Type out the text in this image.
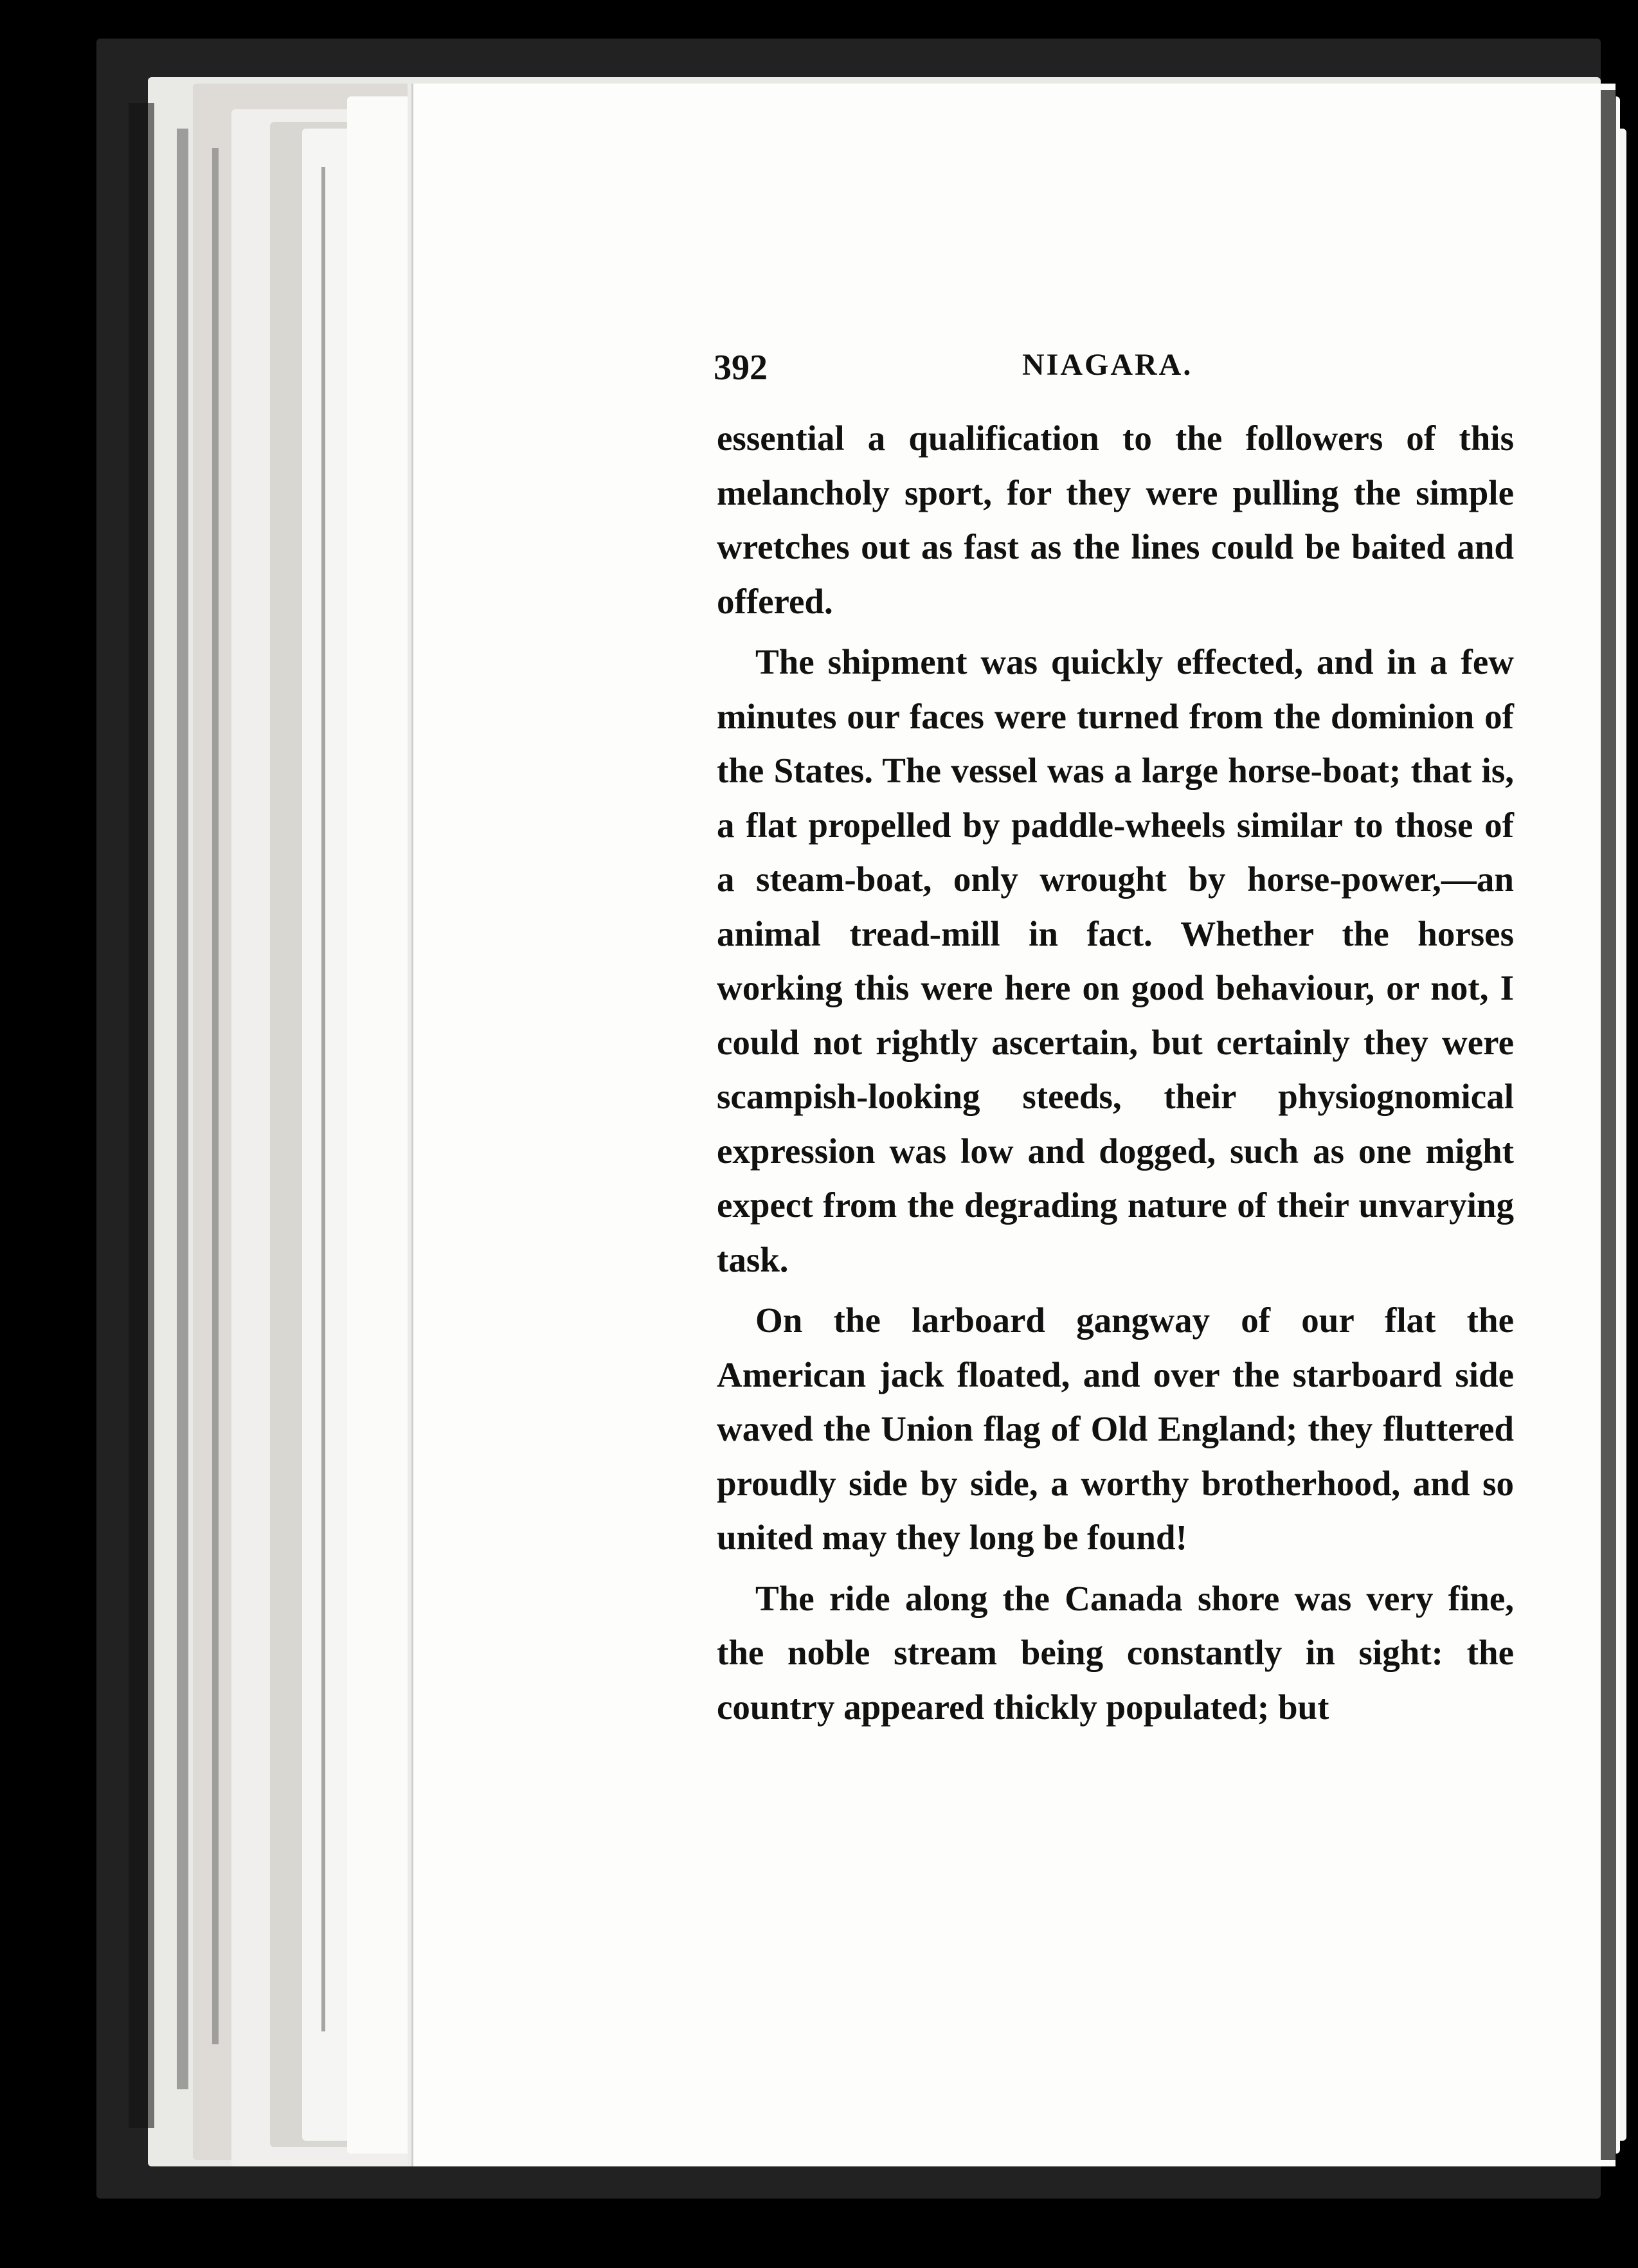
392	NIAGARA.

essential a qualification to the followers of this melancholy sport, for they were pulling the simple wretches out as fast as the lines could be baited and offered.

The shipment was quickly effected, and in a few minutes our faces were turned from the dominion of the States. The vessel was a large horse-boat; that is, a flat propelled by paddle-wheels similar to those of a steam-boat, only wrought by horse-power,—an animal tread-mill in fact. Whether the horses working this were here on good behaviour, or not, I could not rightly ascertain, but certainly they were scampish-looking steeds, their physiognomical expression was low and dogged, such as one might expect from the degrading nature of their unvarying task.

On the larboard gangway of our flat the American jack floated, and over the starboard side waved the Union flag of Old England; they fluttered proudly side by side, a worthy brotherhood, and so united may they long be found!

The ride along the Canada shore was very fine, the noble stream being constantly in sight: the country appeared thickly populated; but
